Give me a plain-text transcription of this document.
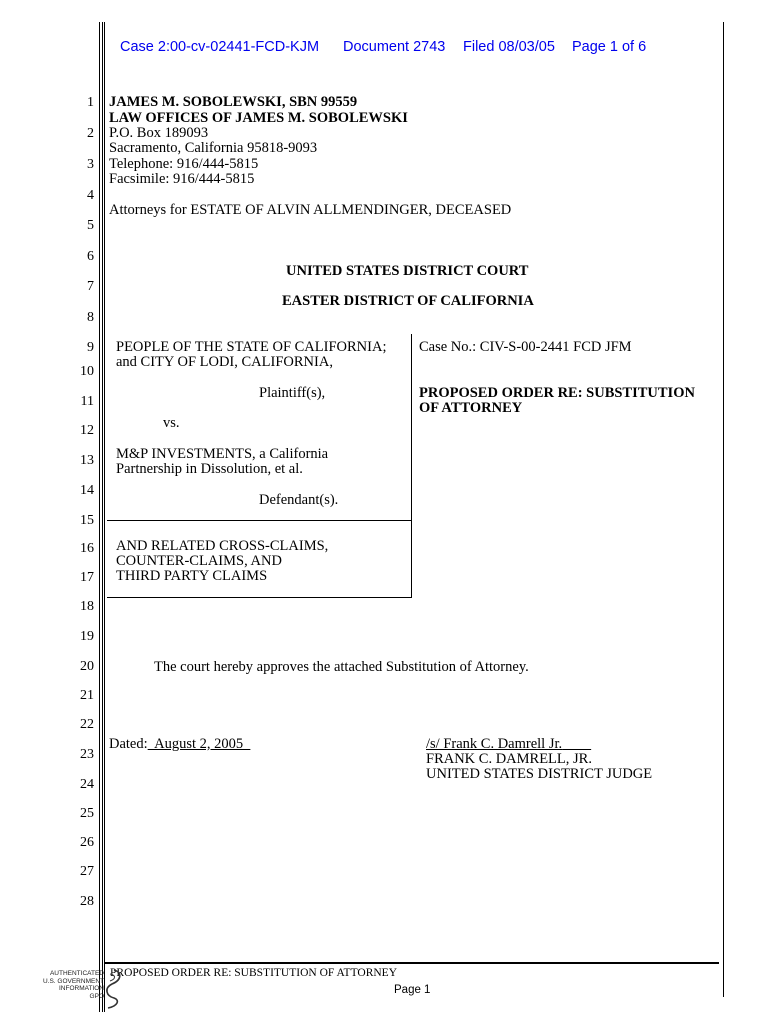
Case 2:00-cv-02441-FCD-KJM Document 2743 Filed 08/03/05 Page 1 of 6
1
2
3
4
5
6
7
8
9
10
11
12
13
14
15
16
17
18
19
20
21
22
23
24
25
26
27
28
JAMES M. SOBOLEWSKI, SBN 99559
LAW OFFICES OF JAMES M. SOBOLEWSKI
P.O. Box 189093
Sacramento, California 95818-9093
Telephone: 916/444-5815
Facsimile: 916/444-5815
Attorneys for ESTATE OF ALVIN ALLMENDINGER, DECEASED
UNITED STATES DISTRICT COURT
EASTER DISTRICT OF CALIFORNIA
PEOPLE OF THE STATE OF CALIFORNIA;
and CITY OF LODI, CALIFORNIA,
Plaintiff(s),
vs.
M&P INVESTMENTS, a California
Partnership in Dissolution, et al.
Defendant(s).
AND RELATED CROSS-CLAIMS,
COUNTER-CLAIMS, AND
THIRD PARTY CLAIMS
Case No.: CIV-S-00-2441 FCD JFM
PROPOSED ORDER RE: SUBSTITUTION
OF ATTORNEY
The court hereby approves the attached Substitution of Attorney.
Dated:  August 2, 2005	/s/ Frank C. Damrell Jr.
FRANK C. DAMRELL, JR.
UNITED STATES DISTRICT JUDGE
PROPOSED ORDER RE: SUBSTITUTION OF ATTORNEY
Page 1
AUTHENTICATED
U.S. GOVERNMENT
INFORMATION
GPO
